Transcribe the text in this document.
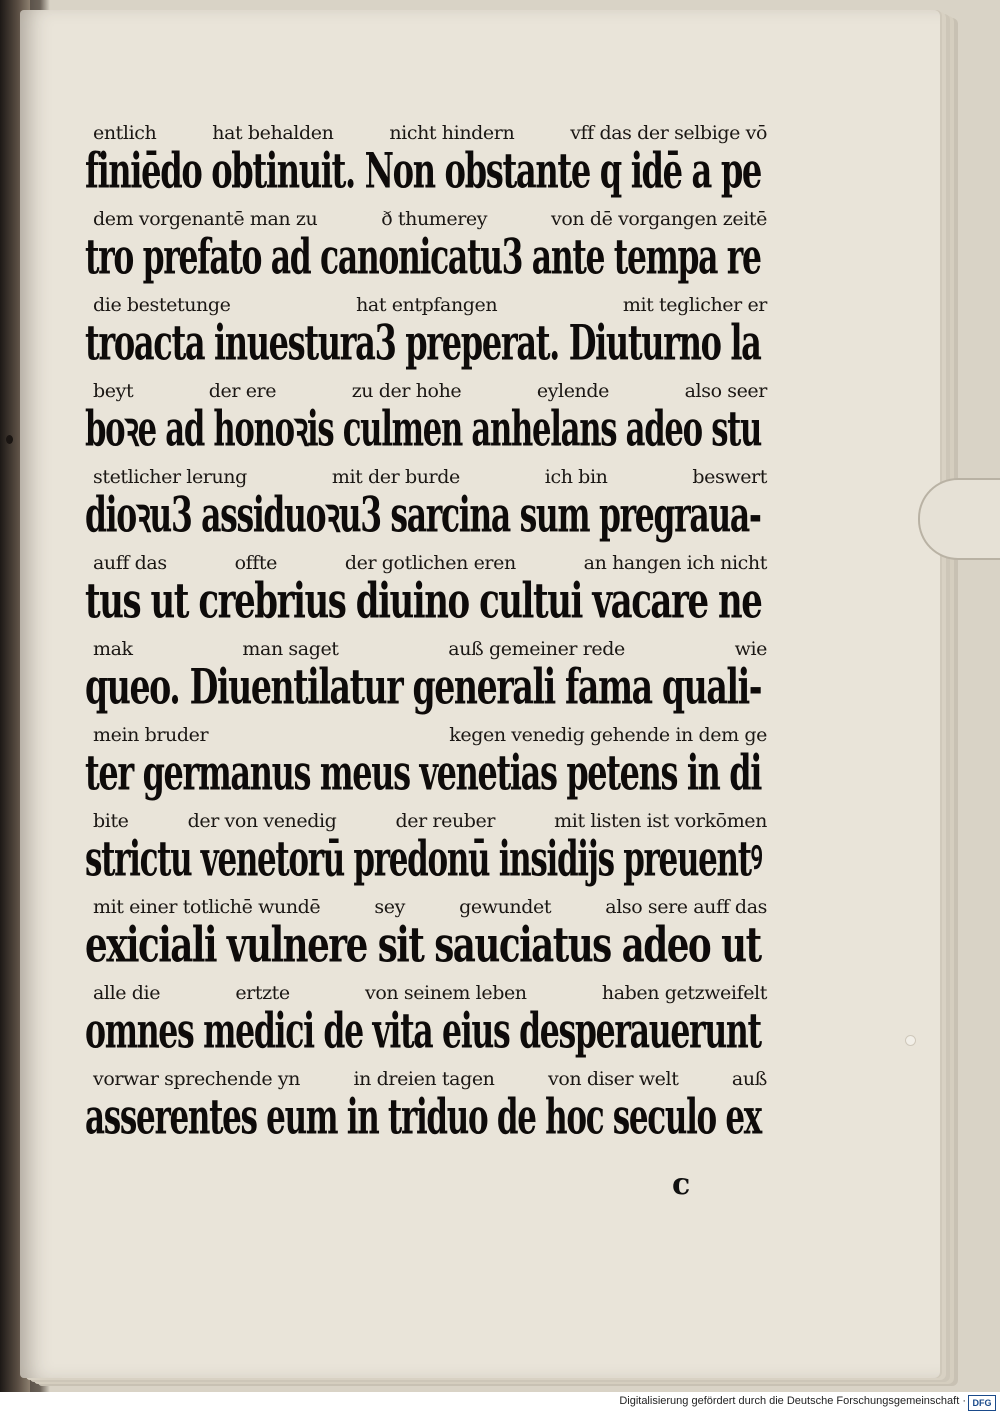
entlich	hat behalden	nicht hindern	vff das der selbige vō
finiēdo obtinuit. Non obstante q idē a pe
dem vorgenantē man zu	ð thumerey	von dē vorgangen zeitē
tro prefato ad canonicatu3 ante tempa re
die bestetunge	hat entpfangen	mit teglicher er
troacta inuestura3 preperat. Diuturno la
beyt	der ere	zu der hohe	eylende	also seer
boꝛe ad honoꝛis culmen anhelans adeo stu
stetlicher lerung	mit der burde	ich bin	beswert
dioꝛu3 assiduoꝛu3 sarcina sum pregraua-
auff das	offte	der gotlichen eren	an hangen ich nicht
tus ut crebrius diuino cultui vacare ne
mak	man saget	auß gemeiner rede	wie
queo. Diuentilatur generali fama quali-
mein bruder	kegen venedig gehende in dem ge
ter germanus meus venetias petens in di
bite	der von venedig	der reuber	mit listen ist vorkōmen
strictu venetorū predonū insidijs preuentꝰ
mit einer totlichē wundē	sey	gewundet	also sere auff das
exiciali vulnere sit sauciatus adeo ut
alle die	ertzte	von seinem leben	haben getzweifelt
omnes medici de vita eius desperauerunt
vorwar sprechende yn	in dreien tagen	von diser welt	auß
asserentes eum in triduo de hoc seculo ex
c
Digitalisierung gefördert durch die Deutsche Forschungsgemeinschaft · DFG
